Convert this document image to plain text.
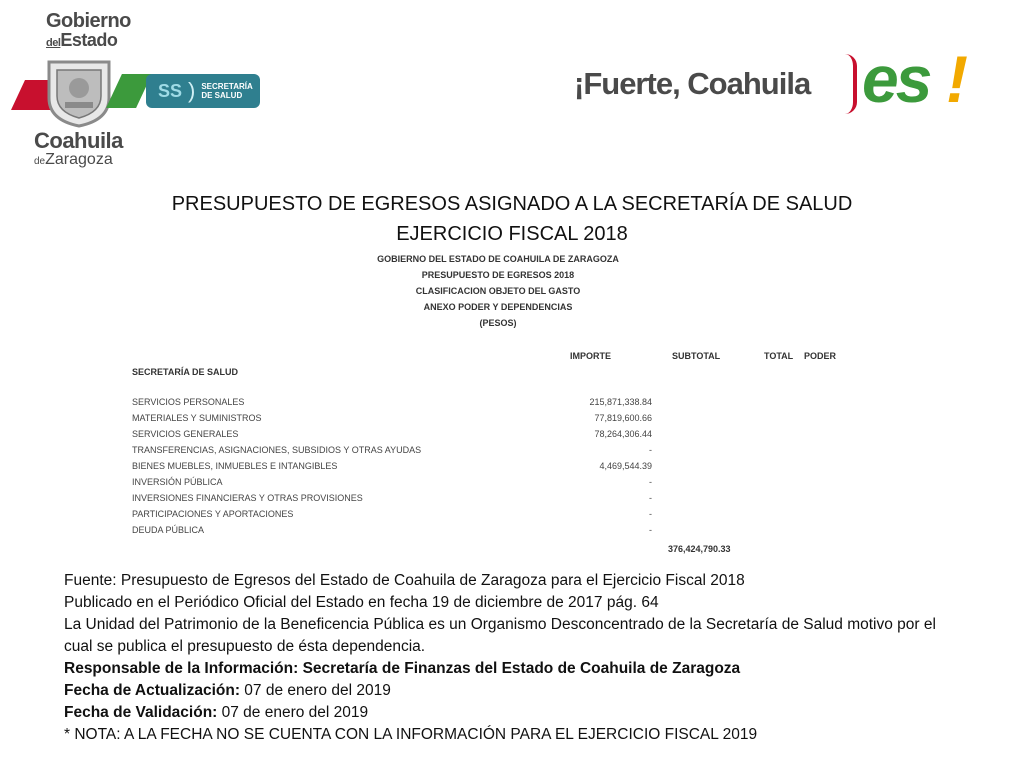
Gobierno
delEstado
SS ) SECRETARÍA
DE SALUD
Coahuila
deZaragoza
¡Fuerte, Coahuila es !
PRESUPUESTO DE EGRESOS ASIGNADO A LA SECRETARÍA DE SALUD
EJERCICIO FISCAL 2018
GOBIERNO DEL ESTADO DE COAHUILA DE ZARAGOZA
PRESUPUESTO DE EGRESOS 2018
CLASIFICACION OBJETO DEL GASTO
ANEXO PODER Y DEPENDENCIAS
(PESOS)
IMPORTE	SUBTOTAL	TOTAL PODER
SECRETARÍA DE SALUD
SERVICIOS PERSONALES	215,871,338.84
MATERIALES Y SUMINISTROS	77,819,600.66
SERVICIOS GENERALES	78,264,306.44
TRANSFERENCIAS, ASIGNACIONES, SUBSIDIOS Y OTRAS AYUDAS	-
BIENES MUEBLES, INMUEBLES E INTANGIBLES	4,469,544.39
INVERSIÓN PÚBLICA	-
INVERSIONES FINANCIERAS Y OTRAS PROVISIONES	-
PARTICIPACIONES Y APORTACIONES	-
DEUDA PÚBLICA	-
376,424,790.33

Fuente: Presupuesto de Egresos del Estado de Coahuila de Zaragoza para el Ejercicio Fiscal 2018

Publicado en el Periódico Oficial del Estado en fecha 19 de diciembre de 2017 pág. 64

La Unidad del Patrimonio de la Beneficencia Pública es un Organismo Desconcentrado de la Secretaría de Salud motivo por el cual se publica el presupuesto de ésta dependencia.

Responsable de la Información: Secretaría de Finanzas del Estado de Coahuila de Zaragoza

Fecha de Actualización: 07 de enero del 2019

Fecha de Validación: 07 de enero del 2019

* NOTA: A LA FECHA NO SE CUENTA CON LA INFORMACIÓN PARA EL EJERCICIO FISCAL 2019
